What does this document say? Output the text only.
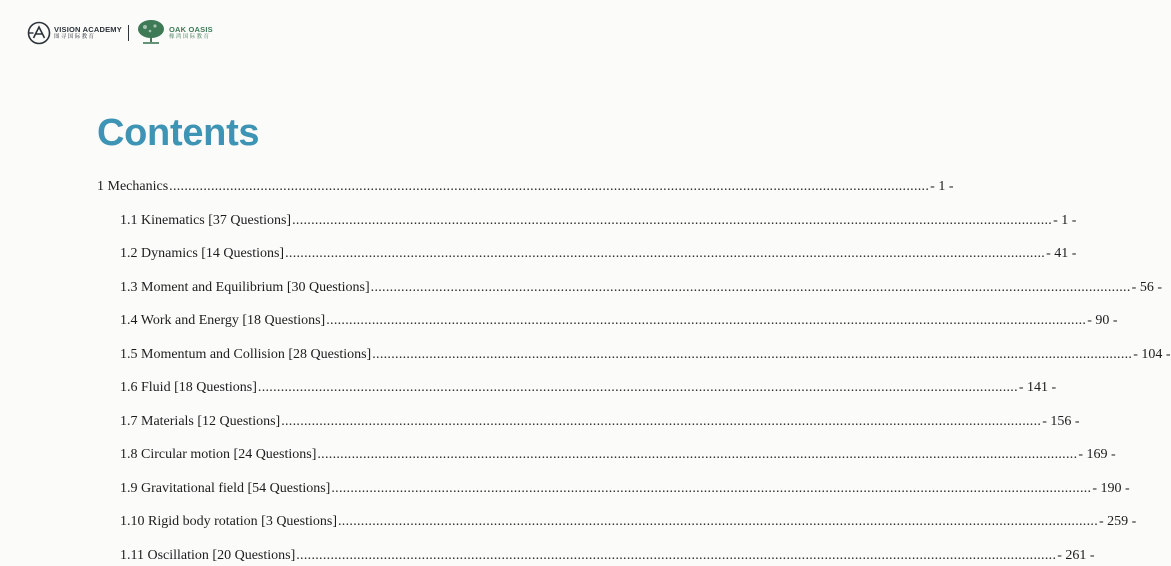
VISION ACADEMY
图寻国际教育
OAK OASIS
橡鸿国际教育
Contents
1 Mechanics ........................................................................................................................................................................................................ - 1 -
1.1 Kinematics [37 Questions] ........................................................................................................................................................................................................ - 1 -
1.2 Dynamics [14 Questions] ........................................................................................................................................................................................................ - 41 -
1.3 Moment and Equilibrium [30 Questions] ........................................................................................................................................................................................................ - 56 -
1.4 Work and Energy [18 Questions] ........................................................................................................................................................................................................ - 90 -
1.5 Momentum and Collision [28 Questions] ........................................................................................................................................................................................................ - 104 -
1.6 Fluid [18 Questions] ........................................................................................................................................................................................................ - 141 -
1.7 Materials [12 Questions] ........................................................................................................................................................................................................ - 156 -
1.8 Circular motion [24 Questions] ........................................................................................................................................................................................................ - 169 -
1.9 Gravitational field [54 Questions] ........................................................................................................................................................................................................ - 190 -
1.10 Rigid body rotation [3 Questions] ........................................................................................................................................................................................................ - 259 -
1.11 Oscillation [20 Questions] ........................................................................................................................................................................................................ - 261 -
